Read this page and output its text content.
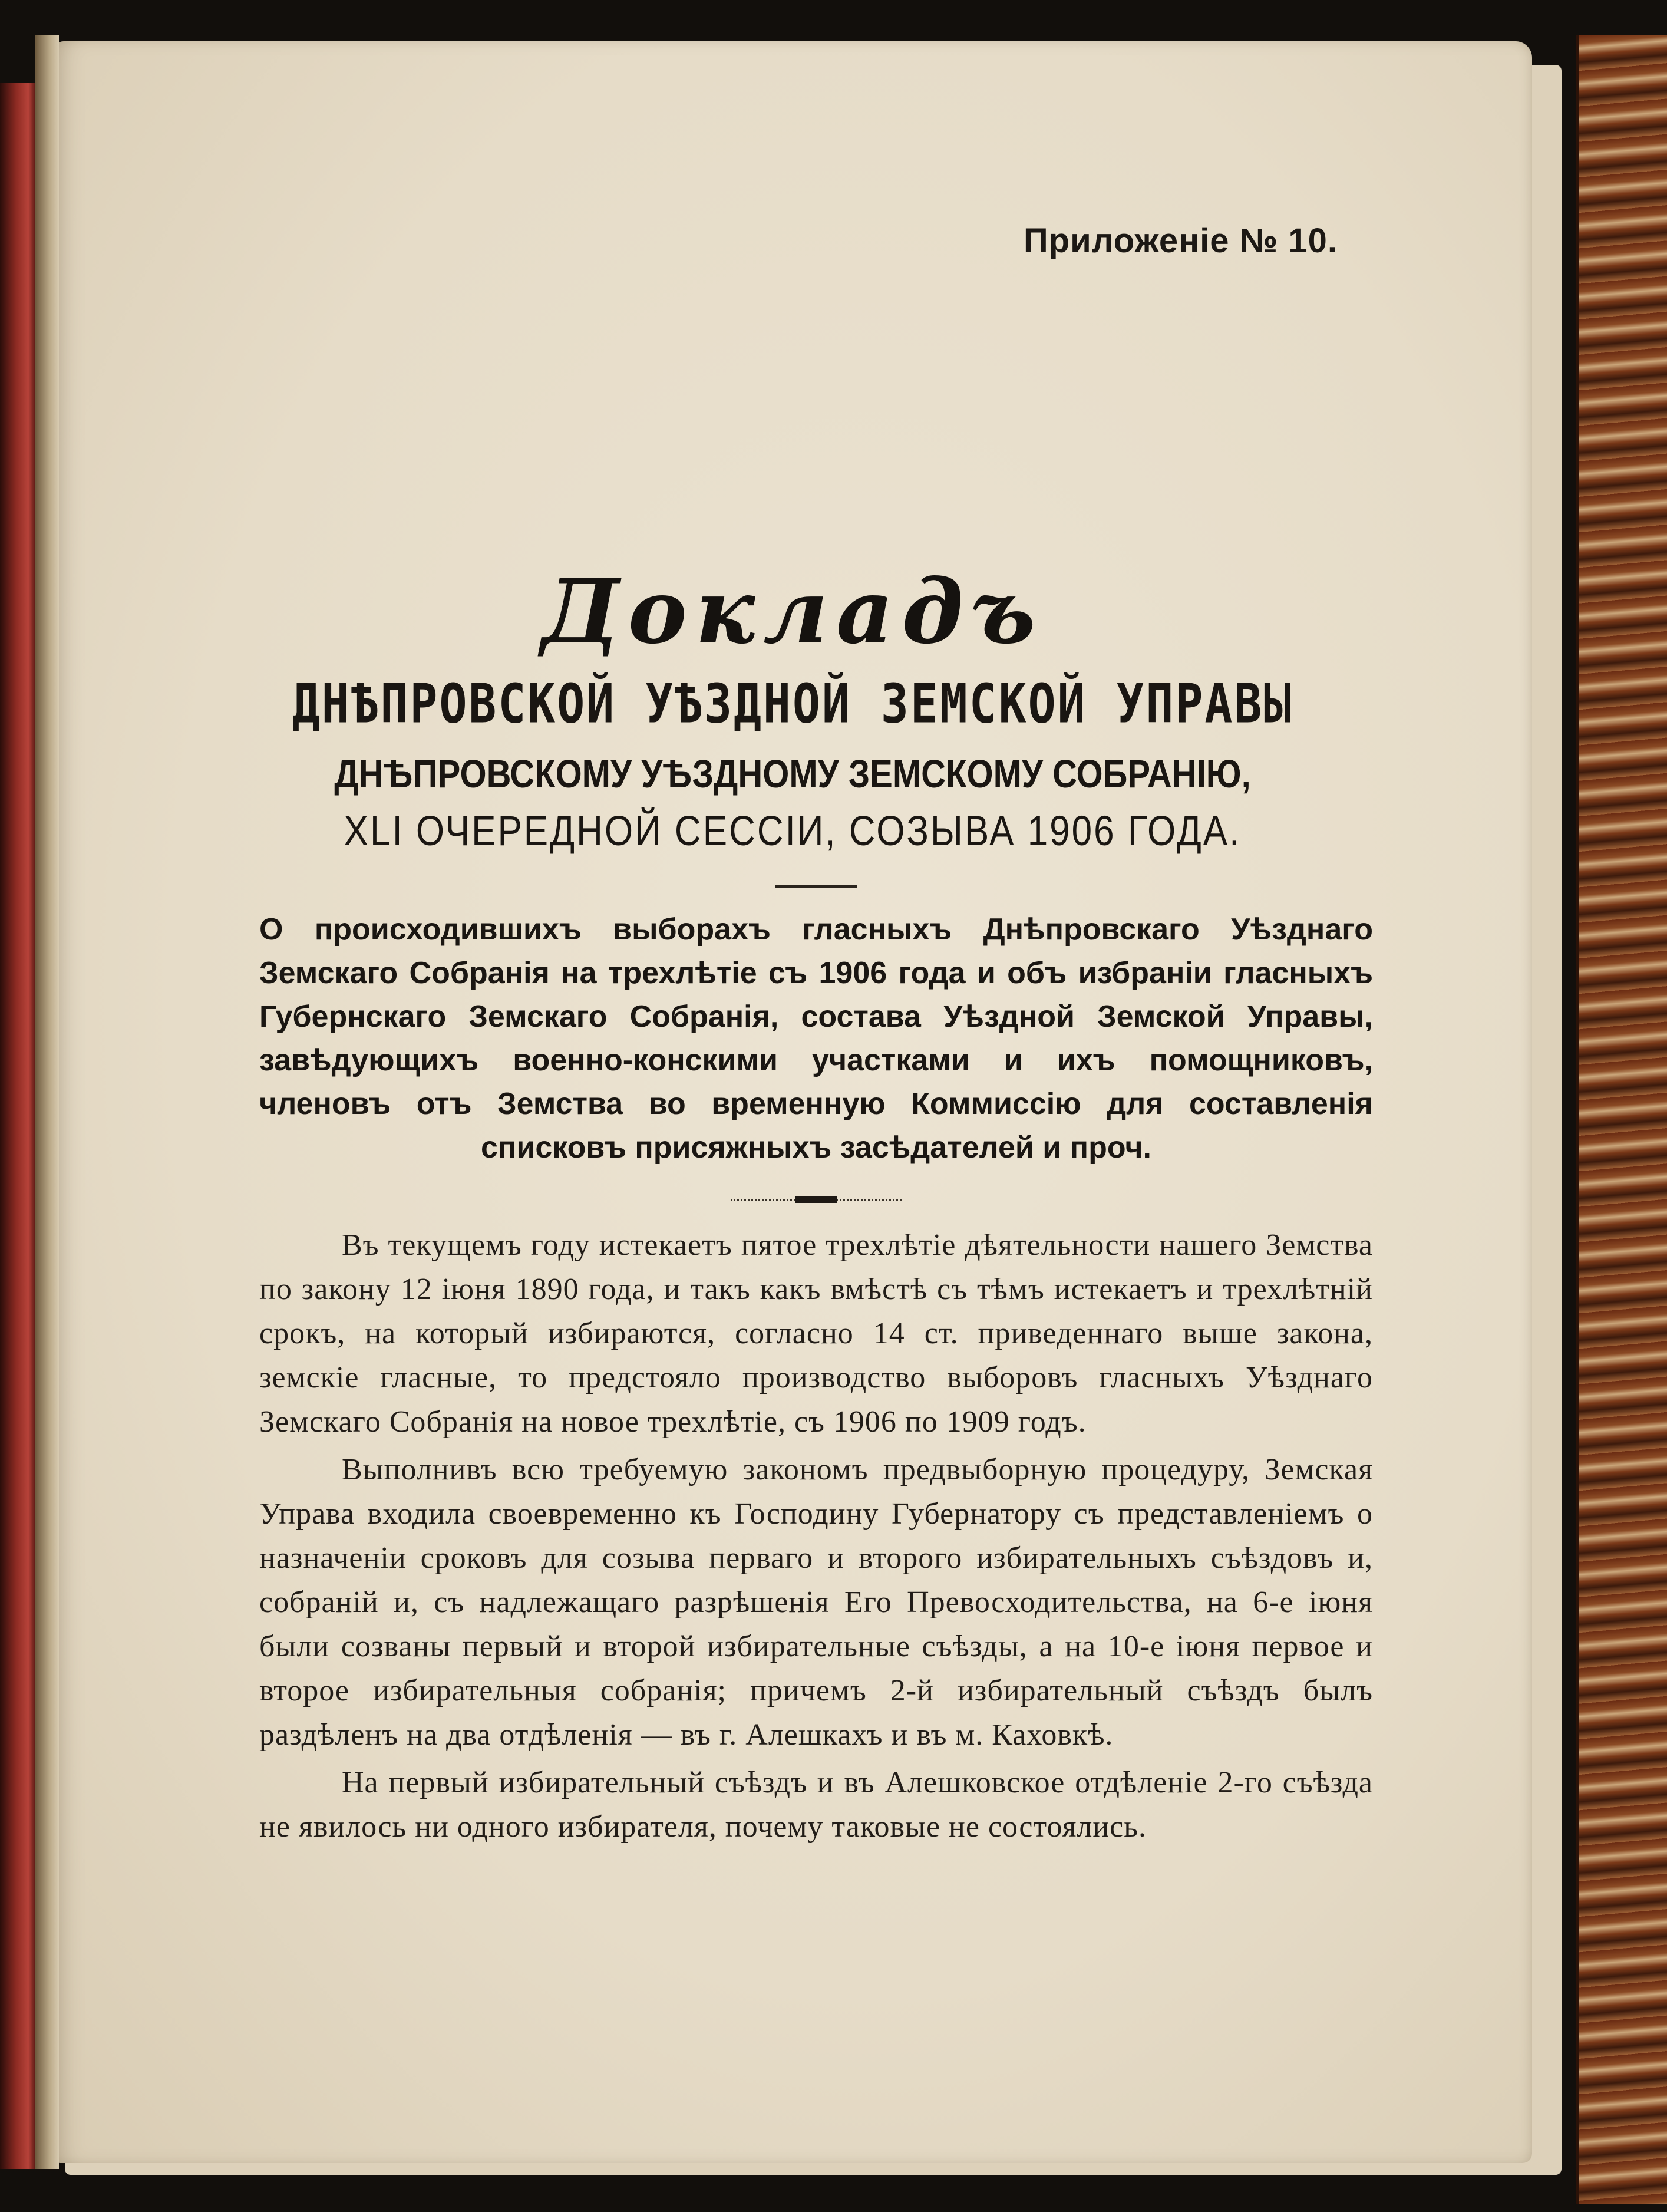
Приложеніе № 10.
Докладъ
ДНѢПРОВСКОЙ УѢЗДНОЙ ЗЕМСКОЙ УПРАВЫ
ДНѢПРОВСКОМУ УѢЗДНОМУ ЗЕМСКОМУ СОБРАНІЮ,
XLI ОЧЕРЕДНОЙ СЕССІИ, СОЗЫВА 1906 ГОДА.
О происходившихъ выборахъ гласныхъ Днѣпровскаго Уѣзднаго Земскаго Собранія на трехлѣтіе съ 1906 года и объ избраніи гласныхъ Губернскаго Земскаго Собранія, состава Уѣздной Земской Управы, завѣдующихъ военно-конскими участками и ихъ помощниковъ, членовъ отъ Земства во временную Коммиссію для составленія списковъ присяжныхъ засѣдателей и проч.

Въ текущемъ году истекаетъ пятое трехлѣтіе дѣятельности нашего Земства по закону 12 іюня 1890 года, и такъ какъ вмѣстѣ съ тѣмъ истекаетъ и трехлѣтній срокъ, на который избираются, согласно 14 ст. приведеннаго выше закона, земскіе гласные, то предстояло производство выборовъ гласныхъ Уѣзднаго Земскаго Собранія на новое трехлѣтіе, съ 1906 по 1909 годъ.

Выполнивъ всю требуемую закономъ предвыборную процедуру, Земская Управа входила своевременно къ Господину Губернатору съ представленіемъ о назначеніи сроковъ для созыва перваго и второго избирательныхъ съѣздовъ и, собраній и, съ надлежащаго разрѣшенія Его Превосходительства, на 6-е іюня были созваны первый и второй избирательные съѣзды, а на 10-е іюня первое и второе избирательныя собранія; причемъ 2-й избирательный съѣздъ былъ раздѣленъ на два отдѣленія — въ г. Алешкахъ и въ м. Каховкѣ.

На первый избирательный съѣздъ и въ Алешковское отдѣленіе 2-го съѣзда не явилось ни одного избирателя, почему таковые не состоялись.
